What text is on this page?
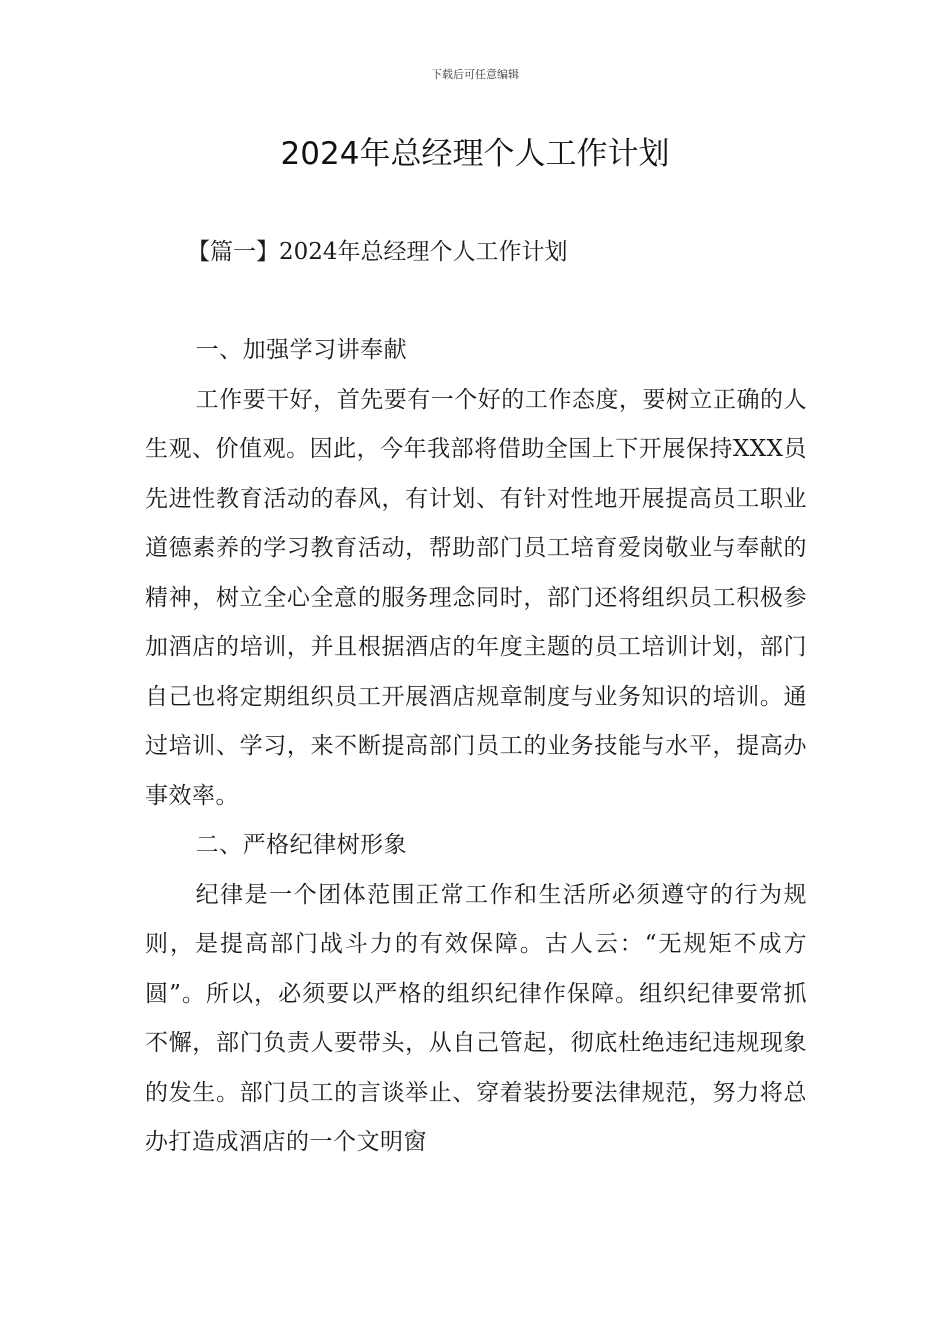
下载后可任意编辑
2024年总经理个人工作计划
【篇一】2024年总经理个人工作计划

一、加强学习讲奉献

工作要干好，首先要有一个好的工作态度，要树立正确的人生观、价值观。因此，今年我部将借助全国上下开展保持XXX员先进性教育活动的春风，有计划、有针对性地开展提高员工职业道德素养的学习教育活动，帮助部门员工培育爱岗敬业与奉献的精神，树立全心全意的服务理念同时，部门还将组织员工积极参加酒店的培训，并且根据酒店的年度主题的员工培训计划，部门自己也将定期组织员工开展酒店规章制度与业务知识的培训。通过培训、学习，来不断提高部门员工的业务技能与水平，提高办事效率。

二、严格纪律树形象

纪律是一个团体范围正常工作和生活所必须遵守的行为规则，是提高部门战斗力的有效保障。古人云：“无规矩不成方圆”。所以，必须要以严格的组织纪律作保障。组织纪律要常抓不懈，部门负责人要带头，从自己管起，彻底杜绝违纪违规现象的发生。部门员工的言谈举止、穿着装扮要法律规范，努力将总办打造成酒店的一个文明窗
